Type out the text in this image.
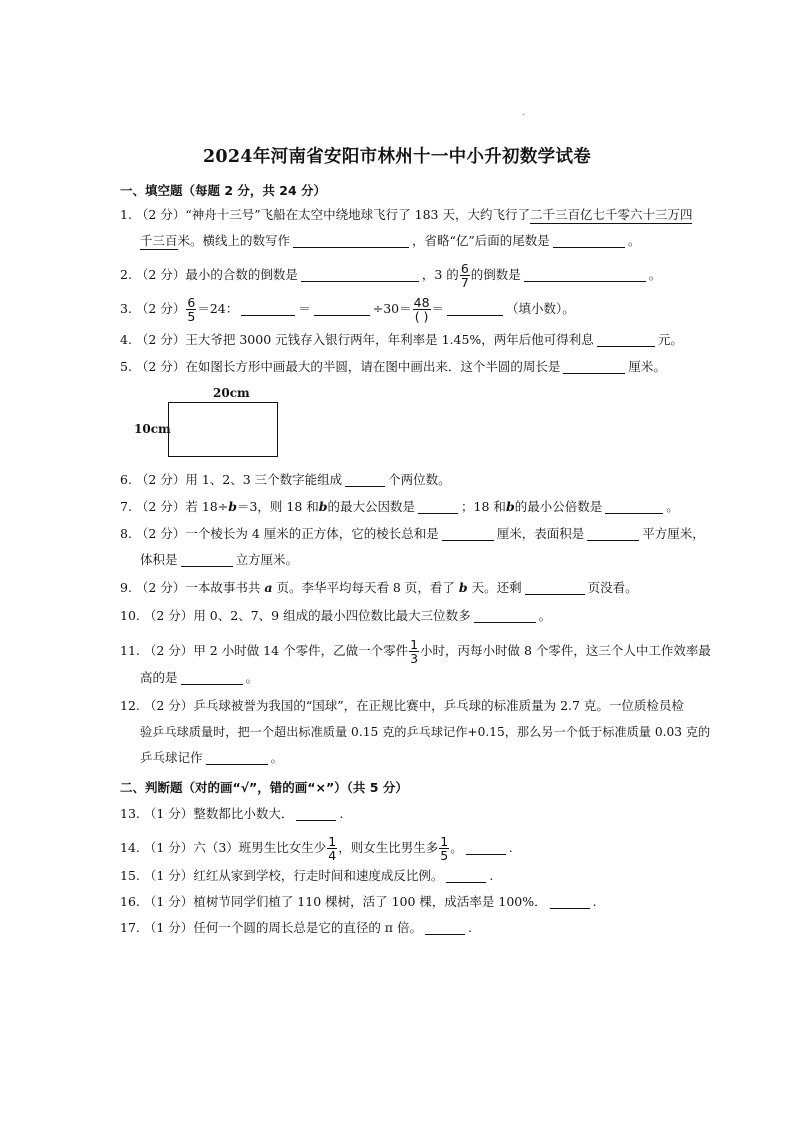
.
2024年河南省安阳市林州十一中小升初数学试卷
一、填空题（每题 2 分，共 24 分）
1. （2 分）“神舟十三号”飞船在太空中绕地球飞行了 183 天，大约飞行了二千三百亿七千零六十三万四
千三百米。横线上的数写作	，省略“亿”后面的尾数是	。
2. （2 分）最小的合数的倒数是	，3 的 $\frac{6}{7}$ 的倒数是	。
3. （2 分） $\frac{6}{5} =24$：	＝	$\div 30= \frac{48}{( )}$ ＝	（填小数）。
4. （2 分）王大爷把 3000 元钱存入银行两年，年利率是 1.45%，两年后他可得利息	元。
5. （2 分）在如图长方形中画最大的半圆，请在图中画出来．这个半圆的周长是	厘米。
20cm
10cm
6. （2 分）用 1、2、3 三个数字能组成	个两位数。
7. （2 分）若 18÷b＝3，则 18 和b的最大公因数是	；18 和b的最小公倍数是	。
8. （2 分）一个棱长为 4 厘米的正方体，它的棱长总和是	厘米，表面积是	平方厘米，
体积是	立方厘米。
9. （2 分）一本故事书共 a 页。李华平均每天看 8 页，看了 b 天。还剩	页没看。
10. （2 分）用 0、2、7、9 组成的最小四位数比最大三位数多	。
11. （2 分）甲 2 小时做 14 个零件，乙做一个零件 $\frac{1}{3}$ 小时，丙每小时做 8 个零件，这三个人中工作效率最
高的是	。
12. （2 分）乒乓球被誉为我国的“国球”，在正规比赛中，乒乓球的标准质量为 2.7 克。一位质检员检
验乒乓球质量时，把一个超出标准质量 0.15 克的乒乓球记作+0.15，那么另一个低于标准质量 0.03 克的
乒乓球记作	。
二、判断题（对的画“√”，错的画“×”）（共 5 分）
13. （1 分）整数都比小数大．	.
14. （1 分）六（3）班男生比女生少 $\frac{1}{4}$ ，则女生比男生多 $\frac{1}{5}$ 。	.
15. （1 分）红红从家到学校，行走时间和速度成反比例。	.
16. （1 分）植树节同学们植了 110 棵树，活了 100 棵，成活率是 100%．	.
17. （1 分）任何一个圆的周长总是它的直径的 π 倍。	.
